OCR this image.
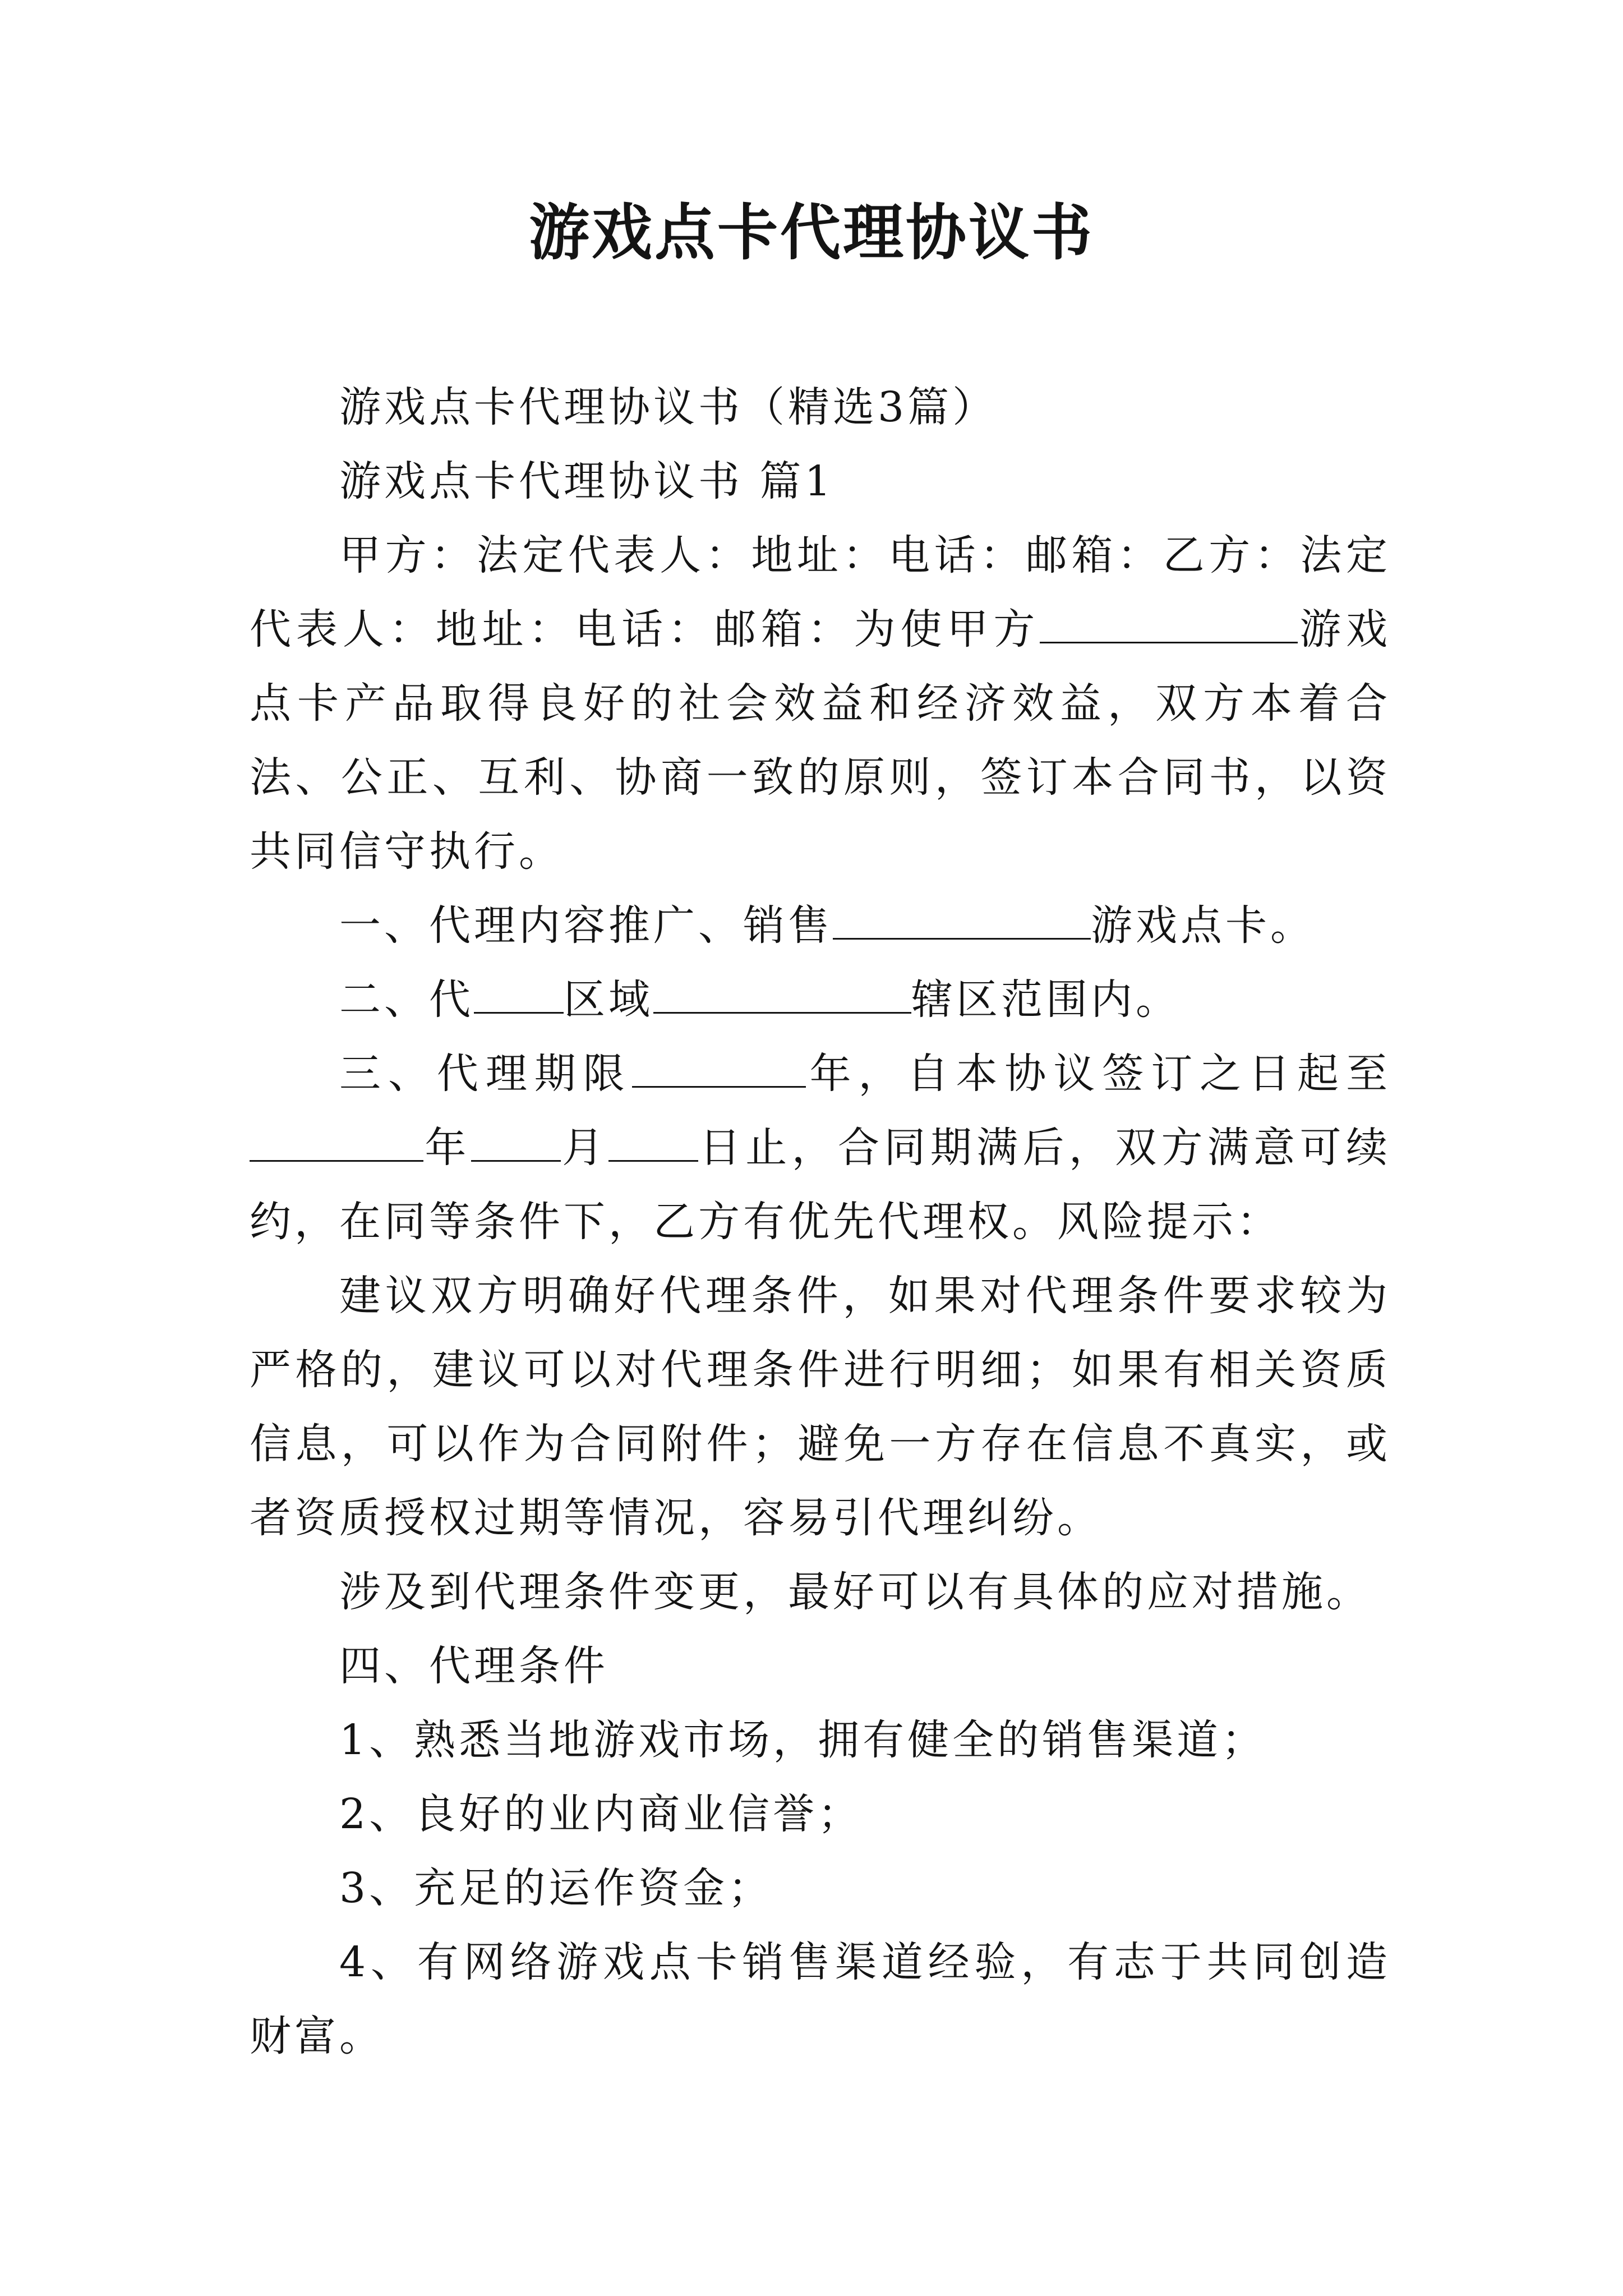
游戏点卡代理协议书

游戏点卡代理协议书（精选3篇）

游戏点卡代理协议书 篇1

甲方：法定代表人：地址：电话：邮箱：乙方：法定代表人：地址：电话：邮箱：为使甲方	游戏点卡产品取得良好的社会效益和经济效益，双方本着合法、公正、互利、协商一致的原则，签订本合同书，以资共同信守执行。

一、代理内容推广、销售	游戏点卡。

二、代 区域	辖区范围内。

三、代理期限	年，自本协议签订之日起至年 月 日止，合同期满后，双方满意可续约，在同等条件下，乙方有优先代理权。风险提示：

建议双方明确好代理条件，如果对代理条件要求较为严格的，建议可以对代理条件进行明细；如果有相关资质信息，可以作为合同附件；避免一方存在信息不真实，或者资质授权过期等情况，容易引代理纠纷。

涉及到代理条件变更，最好可以有具体的应对措施。

四、代理条件

1、熟悉当地游戏市场，拥有健全的销售渠道；

2、良好的业内商业信誉；

3、充足的运作资金；

4、有网络游戏点卡销售渠道经验，有志于共同创造财富。
